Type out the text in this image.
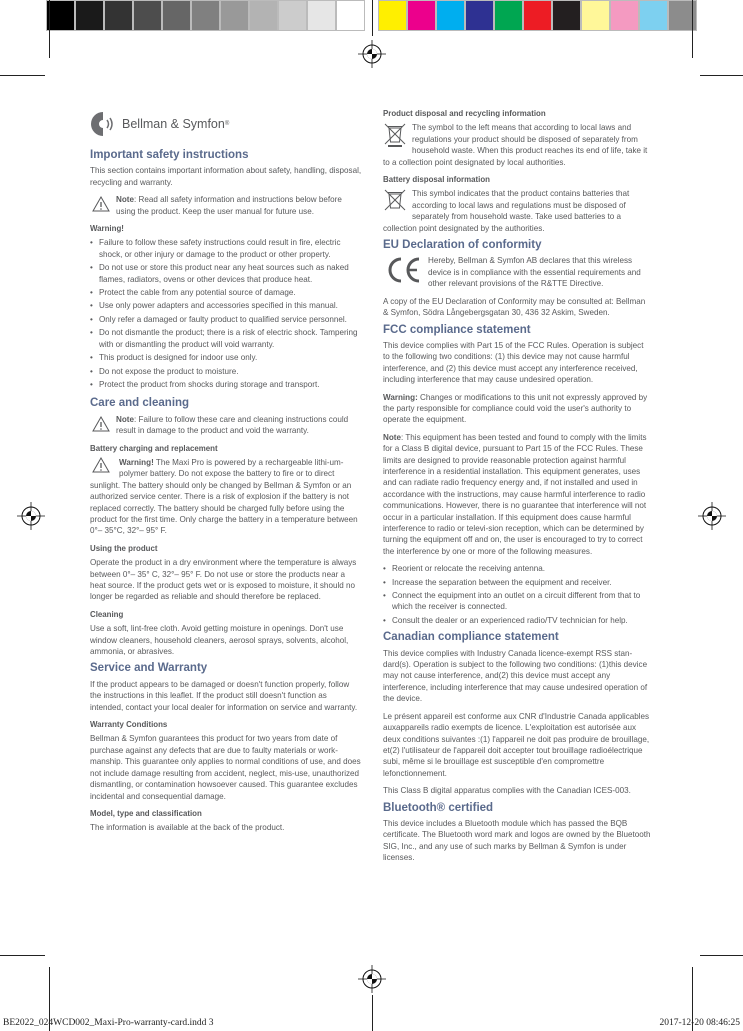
Bellman & Symfon ®
Important safety instructions

This section contains important information about safety, handling, disposal, recycling and warranty.

Note: Read all safety information and instructions below before using the product. Keep the user manual for future use.

Warning!
• Failure to follow these safety instructions could result in fire, electric shock, or other injury or damage to the product or other property.
• Do not use or store this product near any heat sources such as naked flames, radiators, ovens or other devices that produce heat.
• Protect the cable from any potential source of damage.
• Use only power adapters and accessories specified in this manual.
• Only refer a damaged or faulty product to qualified service personnel.
• Do not dismantle the product; there is a risk of electric shock. Tampering with or dismantling the product will void warranty.
• This product is designed for indoor use only.
• Do not expose the product to moisture.
• Protect the product from shocks during storage and transport.
Care and cleaning

Note: Failure to follow these care and cleaning instructions could result in damage to the product and void the warranty.

Battery charging and replacement

Warning! The Maxi Pro is powered by a rechargeable lithi-um-polymer battery. Do not expose the battery to fire or to direct sunlight. The battery should only be changed by Bellman & Symfon or an authorized service center. There is a risk of explosion if the battery is not replaced correctly. The battery should be charged fully before using the product for the first time. Only charge the battery in a temperature between 0°– 35°C, 32°– 95° F.

Using the product

Operate the product in a dry environment where the temperature is always between 0°– 35° C, 32°– 95° F. Do not use or store the products near a heat source. If the product gets wet or is exposed to moisture, it should no longer be regarded as reliable and should therefore be replaced.

Cleaning

Use a soft, lint-free cloth. Avoid getting moisture in openings. Don't use window cleaners, household cleaners, aerosol sprays, solvents, alcohol, ammonia, or abrasives.

Service and Warranty

If the product appears to be damaged or doesn't function properly, follow the instructions in this leaflet. If the product still doesn't function as intended, contact your local dealer for information on service and warranty.

Warranty Conditions

Bellman & Symfon guarantees this product for two years from date of purchase against any defects that are due to faulty materials or work-manship. This guarantee only applies to normal conditions of use, and does not include damage resulting from accident, neglect, mis-use, unauthorized dismantling, or contamination howsoever caused. This guarantee excludes incidental and consequential damage.

Model, type and classification

The information is available at the back of the product.

Product disposal and recycling information

The symbol to the left means that according to local laws and regulations your product should be disposed of separately from household waste. When this product reaches its end of life, take it to a collection point designated by local authorities.

Battery disposal information

This symbol indicates that the product contains batteries that according to local laws and regulations must be disposed of separately from household waste. Take used batteries to a collection point designated by the authorities.

EU Declaration of conformity

Hereby, Bellman & Symfon AB declares that this wireless device is in compliance with the essential requirements and other relevant provisions of the R&TTE Directive.

A copy of the EU Declaration of Conformity may be consulted at: Bellman & Symfon, Södra Långebergsgatan 30, 436 32 Askim, Sweden.

FCC compliance statement

This device complies with Part 15 of the FCC Rules. Operation is subject to the following two conditions: (1) this device may not cause harmful interference, and (2) this device must accept any interference received, including interference that may cause undesired operation.

Warning: Changes or modifications to this unit not expressly approved by the party responsible for compliance could void the user's authority to operate the equipment.

Note: This equipment has been tested and found to comply with the limits for a Class B digital device, pursuant to Part 15 of the FCC Rules. These limits are designed to provide reasonable protection against harmful interference in a residential installation. This equipment generates, uses and can radiate radio frequency energy and, if not installed and used in accordance with the instructions, may cause harmful interference to radio communications. However, there is no guarantee that interference will not occur in a particular installation. If this equipment does cause harmful interference to radio or televi-sion reception, which can be determined by turning the equipment off and on, the user is encouraged to try to correct the interference by one or more of the following measures.

• Reorient or relocate the receiving antenna.
• Increase the separation between the equipment and receiver.
• Connect the equipment into an outlet on a circuit different from that to which the receiver is connected.
• Consult the dealer or an experienced radio/TV technician for help.
Canadian compliance statement

This device complies with Industry Canada licence-exempt RSS stan-dard(s). Operation is subject to the following two conditions: (1)this device may not cause interference, and(2) this device must accept any interference, including interference that may cause undesired operation of the device.

Le présent appareil est conforme aux CNR d'Industrie Canada applicables auxappareils radio exempts de licence. L'exploitation est autorisée aux deux conditions suivantes :(1) l'appareil ne doit pas produire de brouillage, et(2) l'utilisateur de l'appareil doit accepter tout brouillage radioélectrique subi, même si le brouillage est susceptible d'en compromettre lefonctionnement.

This Class B digital apparatus complies with the Canadian ICES-003.

Bluetooth® certified

This device includes a Bluetooth module which has passed the BQB certificate. The Bluetooth word mark and logos are owned by the Bluetooth SIG, Inc., and any use of such marks by Bellman & Symfon is under licenses.

BE2022_024WCD002_Maxi-Pro-warranty-card.indd 3	2017-12-20 08:46:25
